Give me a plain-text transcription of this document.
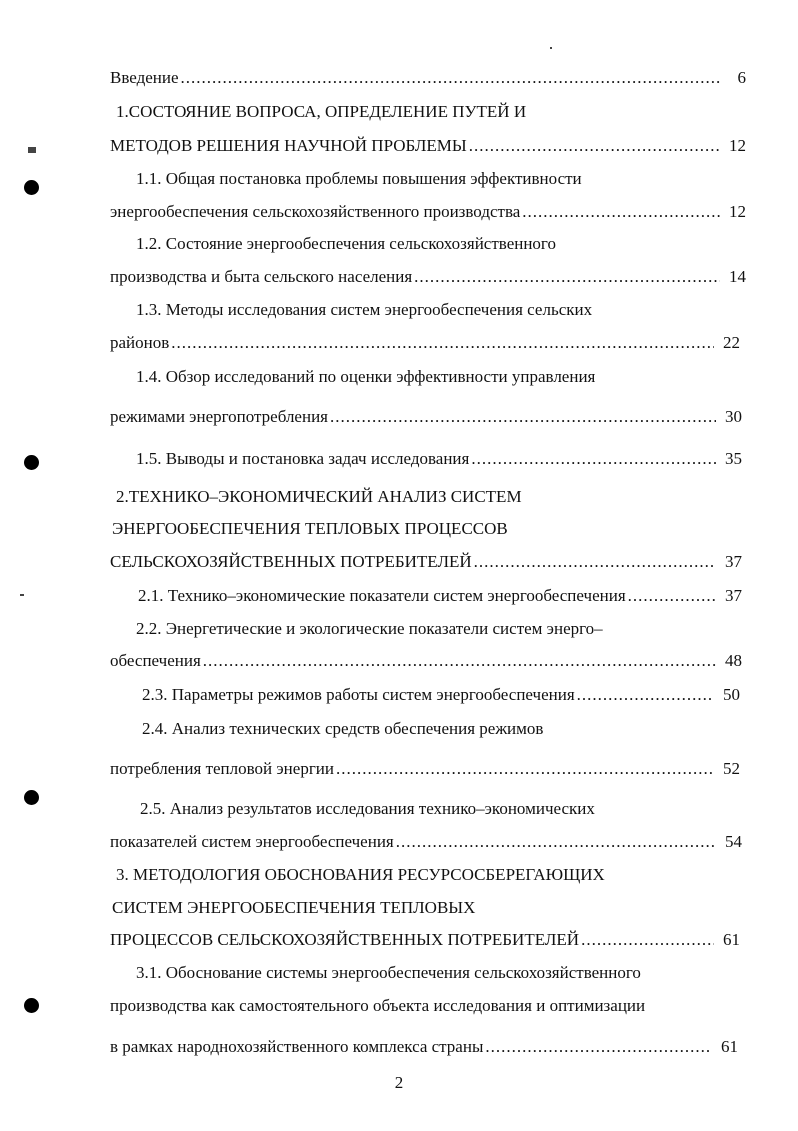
Введение .....	6
1.СОСТОЯНИЕ ВОПРОСА, ОПРЕДЕЛЕНИЕ ПУТЕЙ И
МЕТОДОВ РЕШЕНИЯ НАУЧНОЙ ПРОБЛЕМЫ .....	12
1.1. Общая постановка проблемы повышения эффективности
энергообеспечения сельскохозяйственного производства .....	12
1.2. Состояние энергообеспечения сельскохозяйственного
производства и быта сельского населения .....	14
1.3. Методы исследования систем энергообеспечения сельских
районов .....	22
1.4. Обзор исследований по оценки эффективности управления
режимами энергопотребления .....	30
1.5. Выводы и постановка задач исследования .....	35
2.ТЕХНИКО–ЭКОНОМИЧЕСКИЙ АНАЛИЗ СИСТЕМ
ЭНЕРГООБЕСПЕЧЕНИЯ ТЕПЛОВЫХ ПРОЦЕССОВ
СЕЛЬСКОХОЗЯЙСТВЕННЫХ ПОТРЕБИТЕЛЕЙ .....	37
2.1. Технико–экономические показатели систем энергообеспечения .....	37
2.2. Энергетические и экологические показатели систем энерго–
обеспечения .....	48
2.3. Параметры режимов работы систем энергообеспечения .....	50
2.4. Анализ технических средств обеспечения режимов
потребления тепловой энергии .....	52
2.5. Анализ результатов исследования технико–экономических
показателей систем энергообеспечения .....	54
3. МЕТОДОЛОГИЯ ОБОСНОВАНИЯ РЕСУРСОСБЕРЕГАЮЩИХ
СИСТЕМ ЭНЕРГООБЕСПЕЧЕНИЯ ТЕПЛОВЫХ
ПРОЦЕССОВ СЕЛЬСКОХОЗЯЙСТВЕННЫХ ПОТРЕБИТЕЛЕЙ .....	61
3.1. Обоснование системы энергообеспечения сельскохозяйственного
производства как самостоятельного объекта исследования и оптимизации
в рамках народнохозяйственного комплекса страны .....	61
2
